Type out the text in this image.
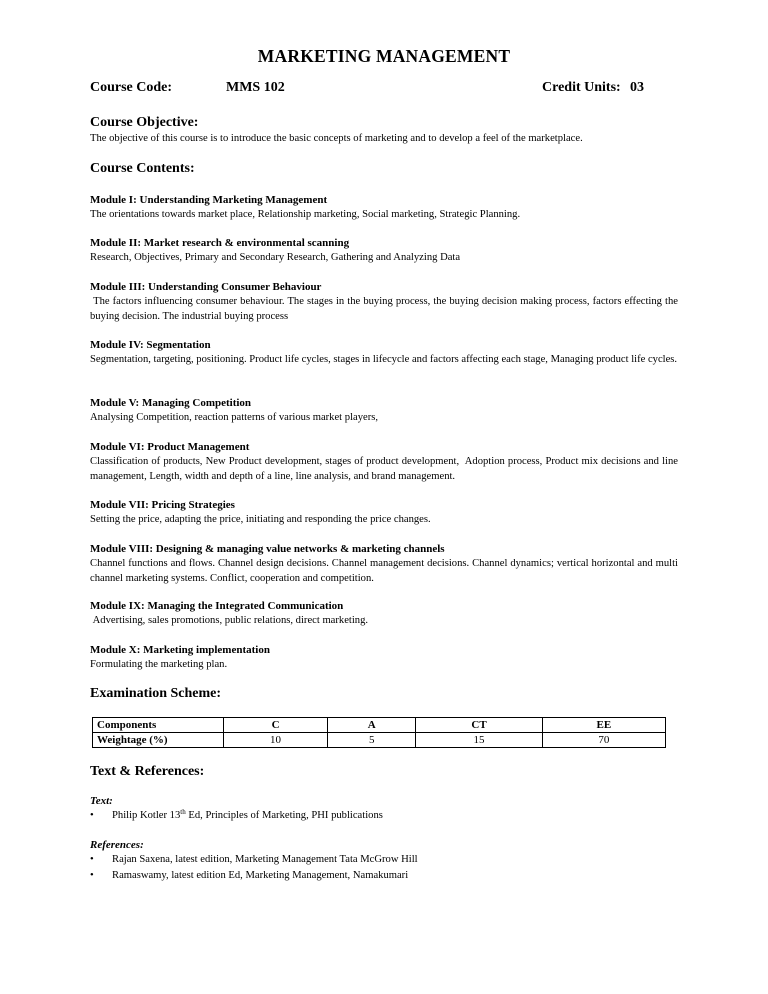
MARKETING MANAGEMENT
Course Code:	MMS 102	Credit Units: 03
Course Objective:
The objective of this course is to introduce the basic concepts of marketing and to develop a feel of the marketplace.
Course Contents:
Module I: Understanding Marketing Management
The orientations towards market place, Relationship marketing, Social marketing, Strategic Planning.
Module II: Market research & environmental scanning
Research, Objectives, Primary and Secondary Research, Gathering and Analyzing Data
Module III: Understanding Consumer Behaviour
The factors influencing consumer behaviour. The stages in the buying process, the buying decision making process, factors effecting the buying decision. The industrial buying process
Module IV: Segmentation
Segmentation, targeting, positioning. Product life cycles, stages in lifecycle and factors affecting each stage, Managing product life cycles.
Module V: Managing Competition
Analysing Competition, reaction patterns of various market players,
Module VI: Product Management
Classification of products, New Product development, stages of product development,  Adoption process, Product mix decisions and line management, Length, width and depth of a line, line analysis, and brand management.
Module VII: Pricing Strategies
Setting the price, adapting the price, initiating and responding the price changes.
Module VIII: Designing & managing value networks & marketing channels
Channel functions and flows. Channel design decisions. Channel management decisions. Channel dynamics; vertical horizontal and multi channel marketing systems. Conflict, cooperation and competition.
Module IX: Managing the Integrated Communication
Advertising, sales promotions, public relations, direct marketing.
Module X: Marketing implementation
Formulating the marketing plan.
Examination Scheme:
Components	C	A	CT	EE
Weightage (%)	10	5	15	70
Text & References:
Text:
• Philip Kotler 13th Ed, Principles of Marketing, PHI publications
References:
• Rajan Saxena, latest edition, Marketing Management Tata McGrow Hill
• Ramaswamy, latest edition Ed, Marketing Management, Namakumari
